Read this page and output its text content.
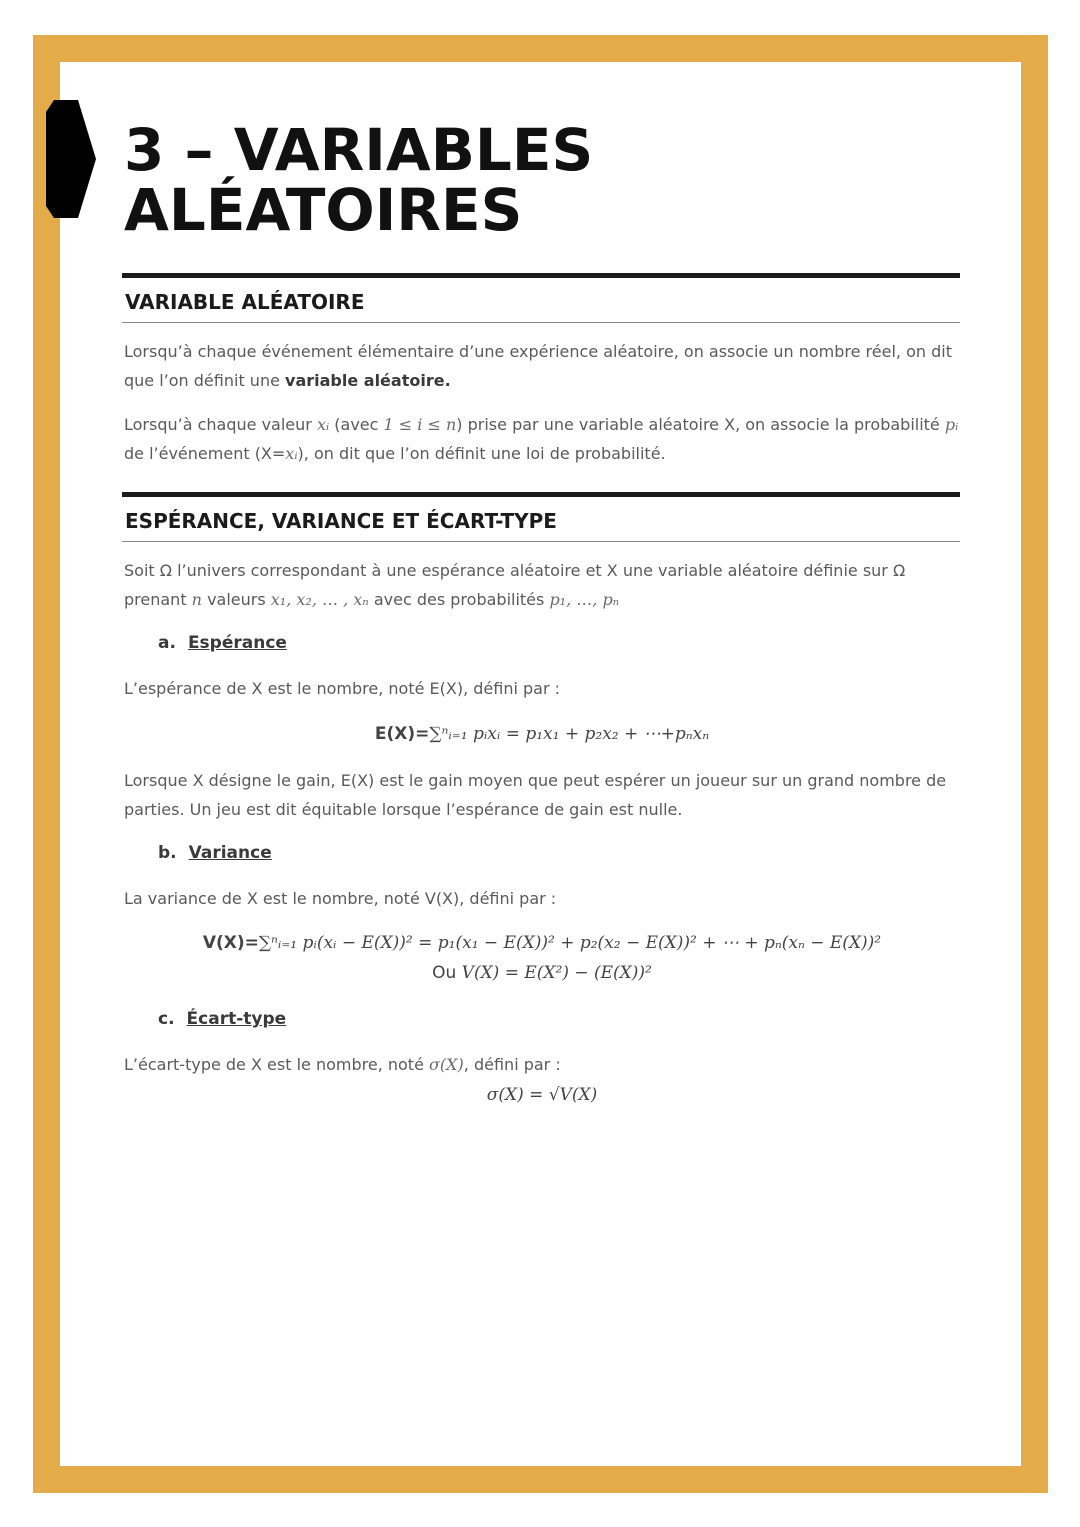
3 – VARIABLES
ALÉATOIRES
VARIABLE ALÉATOIRE

Lorsqu’à chaque événement élémentaire d’une expérience aléatoire, on associe un nombre réel, on dit que l’on définit une variable aléatoire.

Lorsqu’à chaque valeur xᵢ (avec 1 ≤ i ≤ n) prise par une variable aléatoire X, on associe la probabilité pᵢ de l’événement (X=xᵢ), on dit que l’on définit une loi de probabilité.

ESPÉRANCE, VARIANCE ET ÉCART-TYPE

Soit Ω l’univers correspondant à une espérance aléatoire et X une variable aléatoire définie sur Ω prenant n valeurs x₁, x₂, … , xₙ avec des probabilités p₁, …, pₙ

a. Espérance

L’espérance de X est le nombre, noté E(X), défini par :

E(X)=∑ⁿᵢ₌₁ pᵢxᵢ = p₁x₁ + p₂x₂ + ⋯+pₙxₙ

Lorsque X désigne le gain, E(X) est le gain moyen que peut espérer un joueur sur un grand nombre de parties. Un jeu est dit équitable lorsque l’espérance de gain est nulle.

b. Variance

La variance de X est le nombre, noté V(X), défini par :

V(X)=∑ⁿᵢ₌₁ pᵢ(xᵢ − E(X))² = p₁(x₁ − E(X))² + p₂(x₂ − E(X))² + ⋯ + pₙ(xₙ − E(X))²
Ou V(X) = E(X²) − (E(X))²
c. Écart-type

L’écart-type de X est le nombre, noté σ(X), défini par :

σ(X) = √V(X)
